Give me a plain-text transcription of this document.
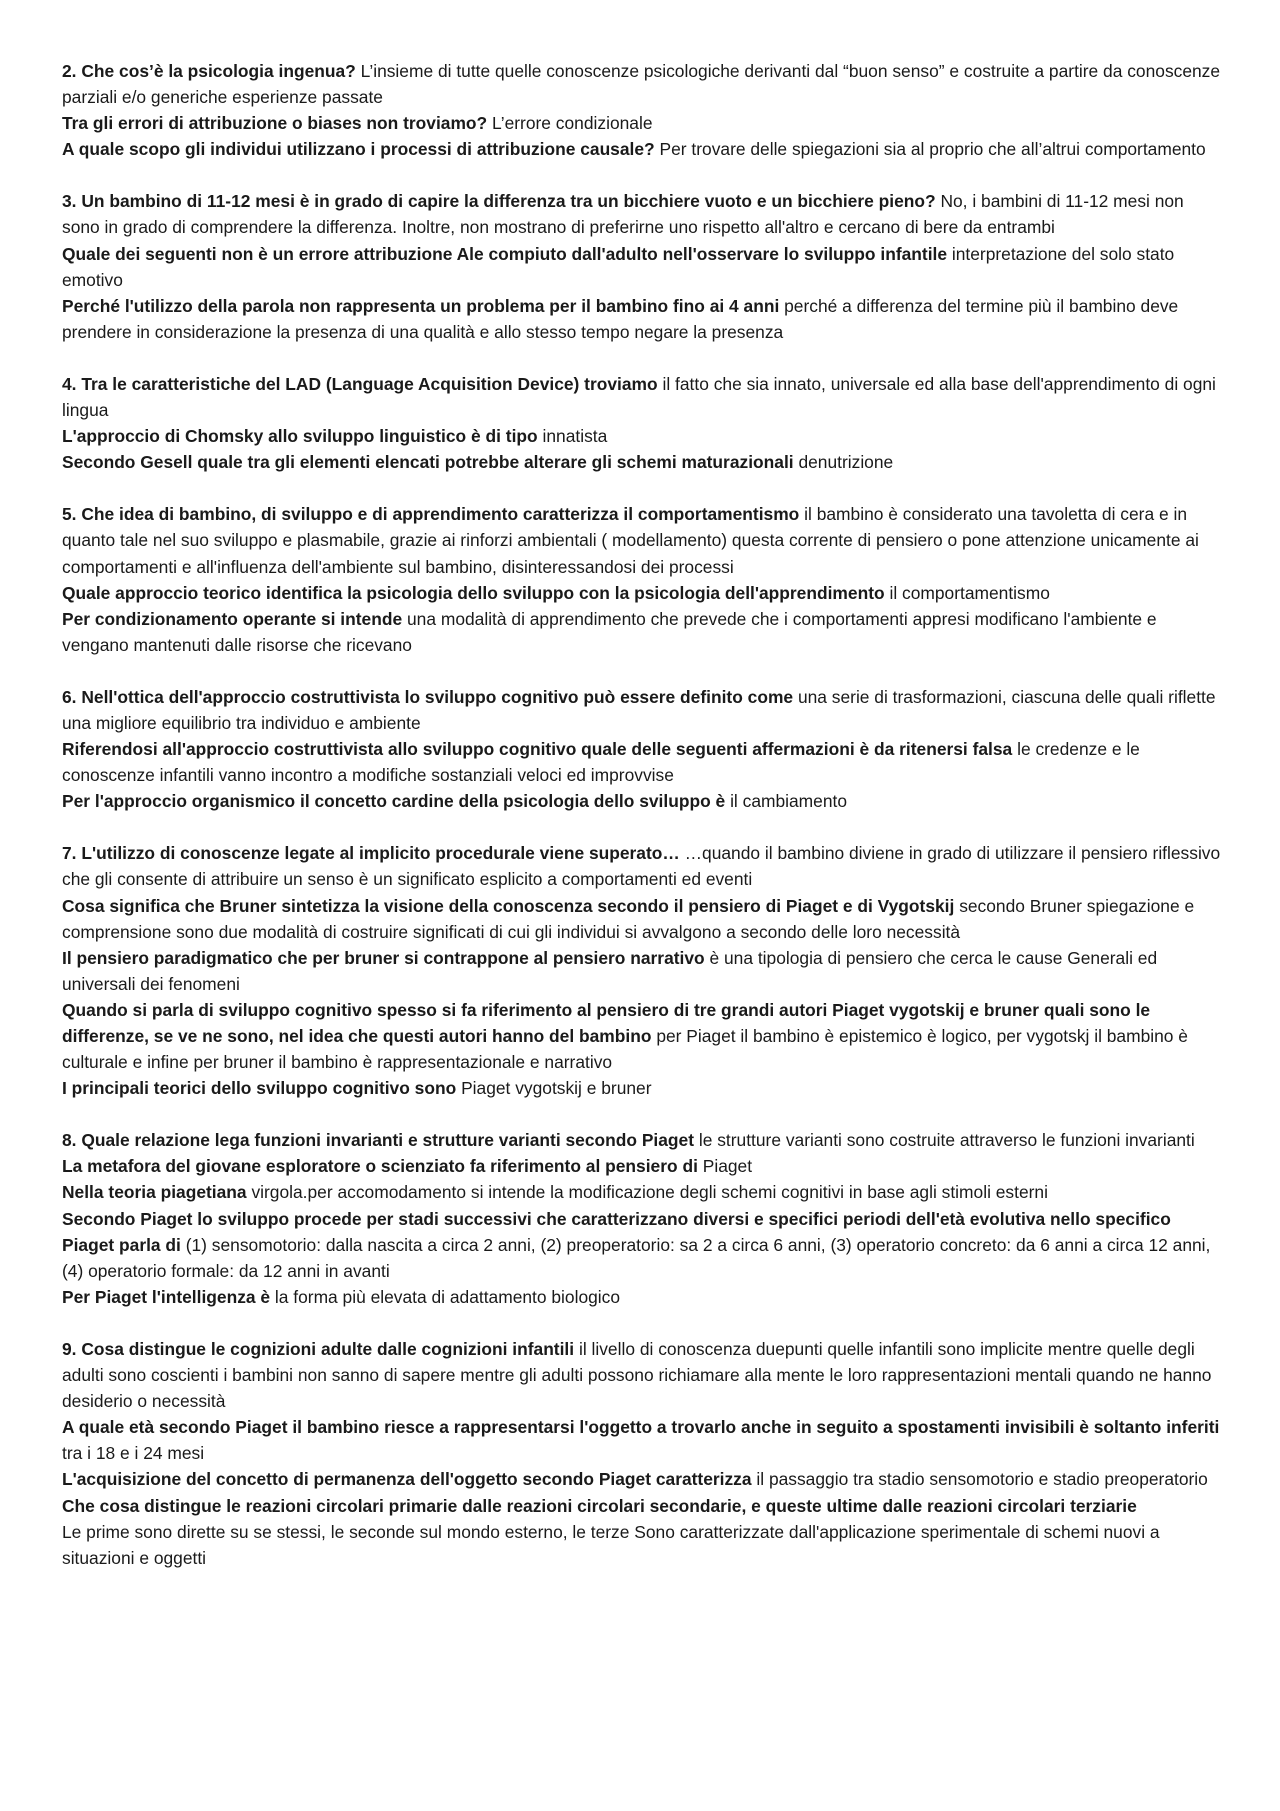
2. Che cos’è la psicologia ingenua? L’insieme di tutte quelle conoscenze psicologiche derivanti dal “buon senso” e costruite a partire da conoscenze parziali e/o generiche esperienze passate

Tra gli errori di attribuzione o biases non troviamo? L’errore condizionale

A quale scopo gli individui utilizzano i processi di attribuzione causale? Per trovare delle spiegazioni sia al proprio che all’altrui comportamento

3. Un bambino di 11-12 mesi è in grado di capire la differenza tra un bicchiere vuoto e un bicchiere pieno? No, i bambini di 11-12 mesi non sono in grado di comprendere la differenza. Inoltre, non mostrano di preferirne uno rispetto all'altro e cercano di bere da entrambi

Quale dei seguenti non è un errore attribuzione Ale compiuto dall'adulto nell'osservare lo sviluppo infantile interpretazione del solo stato emotivo

Perché l'utilizzo della parola non rappresenta un problema per il bambino fino ai 4 anni perché a differenza del termine più il bambino deve prendere in considerazione la presenza di una qualità e allo stesso tempo negare la presenza

4. Tra le caratteristiche del LAD (Language Acquisition Device) troviamo il fatto che sia innato, universale ed alla base dell'apprendimento di ogni lingua

L'approccio di Chomsky allo sviluppo linguistico è di tipo innatista

Secondo Gesell quale tra gli elementi elencati potrebbe alterare gli schemi maturazionali denutrizione

5. Che idea di bambino, di sviluppo e di apprendimento caratterizza il comportamentismo il bambino è considerato una tavoletta di cera e in quanto tale nel suo sviluppo e plasmabile, grazie ai rinforzi ambientali ( modellamento) questa corrente di pensiero o pone attenzione unicamente ai comportamenti e all'influenza dell'ambiente sul bambino, disinteressandosi dei processi

Quale approccio teorico identifica la psicologia dello sviluppo con la psicologia dell'apprendimento il comportamentismo

Per condizionamento operante si intende una modalità di apprendimento che prevede che i comportamenti appresi modificano l'ambiente e vengano mantenuti dalle risorse che ricevano

6. Nell'ottica dell'approccio costruttivista lo sviluppo cognitivo può essere definito come una serie di trasformazioni, ciascuna delle quali riflette una migliore equilibrio tra individuo e ambiente

Riferendosi all'approccio costruttivista allo sviluppo cognitivo quale delle seguenti affermazioni è da ritenersi falsa le credenze e le conoscenze infantili vanno incontro a modifiche sostanziali veloci ed improvvise

Per l'approccio organismico il concetto cardine della psicologia dello sviluppo è il cambiamento

7. L'utilizzo di conoscenze legate al implicito procedurale viene superato… …quando il bambino diviene in grado di utilizzare il pensiero riflessivo che gli consente di attribuire un senso è un significato esplicito a comportamenti ed eventi

Cosa significa che Bruner sintetizza la visione della conoscenza secondo il pensiero di Piaget e di Vygotskij secondo Bruner spiegazione e comprensione sono due modalità di costruire significati di cui gli individui si avvalgono a secondo delle loro necessità

Il pensiero paradigmatico che per bruner si contrappone al pensiero narrativo è una tipologia di pensiero che cerca le cause Generali ed universali dei fenomeni

Quando si parla di sviluppo cognitivo spesso si fa riferimento al pensiero di tre grandi autori Piaget vygotskij e bruner quali sono le differenze, se ve ne sono, nel idea che questi autori hanno del bambino per Piaget il bambino è epistemico è logico, per vygotskj il bambino è culturale e infine per bruner il bambino è rappresentazionale e narrativo

I principali teorici dello sviluppo cognitivo sono Piaget vygotskij e bruner

8. Quale relazione lega funzioni invarianti e strutture varianti secondo Piaget le strutture varianti sono costruite attraverso le funzioni invarianti

La metafora del giovane esploratore o scienziato fa riferimento al pensiero di Piaget

Nella teoria piagetiana virgola.per accomodamento si intende la modificazione degli schemi cognitivi in base agli stimoli esterni

Secondo Piaget lo sviluppo procede per stadi successivi che caratterizzano diversi e specifici periodi dell'età evolutiva nello specifico Piaget parla di (1) sensomotorio: dalla nascita a circa 2 anni, (2) preoperatorio: sa 2 a circa 6 anni, (3) operatorio concreto: da 6 anni a circa 12 anni, (4) operatorio formale: da 12 anni in avanti

Per Piaget l'intelligenza è la forma più elevata di adattamento biologico

9. Cosa distingue le cognizioni adulte dalle cognizioni infantili il livello di conoscenza duepunti quelle infantili sono implicite mentre quelle degli adulti sono coscienti i bambini non sanno di sapere mentre gli adulti possono richiamare alla mente le loro rappresentazioni mentali quando ne hanno desiderio o necessità

A quale età secondo Piaget il bambino riesce a rappresentarsi l'oggetto a trovarlo anche in seguito a spostamenti invisibili è soltanto inferiti tra i 18 e i 24 mesi

L'acquisizione del concetto di permanenza dell'oggetto secondo Piaget caratterizza il passaggio tra stadio sensomotorio e stadio preoperatorio

Che cosa distingue le reazioni circolari primarie dalle reazioni circolari secondarie, e queste ultime dalle reazioni circolari terziarie
Le prime sono dirette su se stessi, le seconde sul mondo esterno, le terze Sono caratterizzate dall'applicazione sperimentale di schemi nuovi a situazioni e oggetti
